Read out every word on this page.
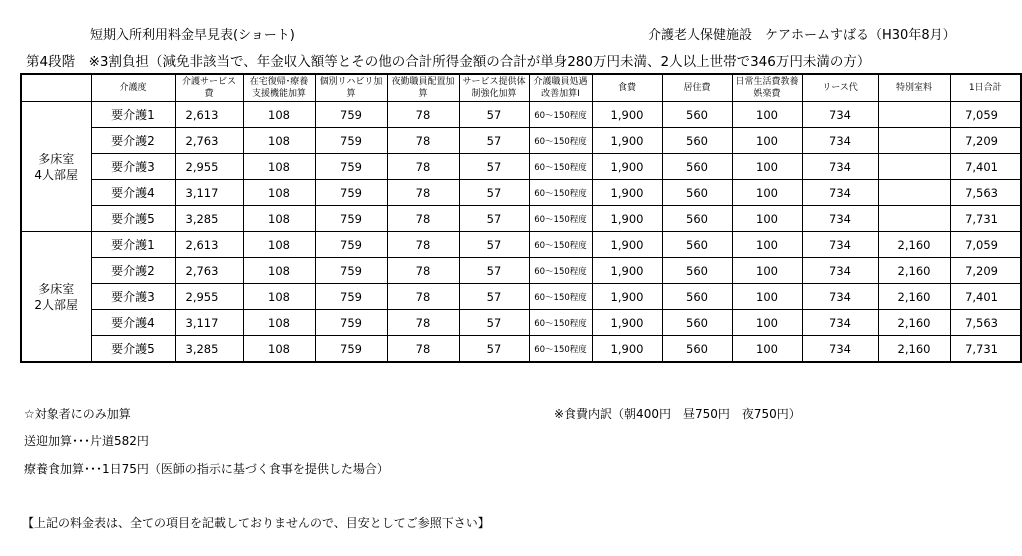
短期入所利用料金早見表(ショート)	介護老人保健施設　ケアホームすばる（H30年8月）
第4段階　※3割負担（減免非該当で、年金収入額等とその他の合計所得金額の合計が単身280万円未満、2人以上世帯で346万円未満の方）
	介護度	介護サービス費	在宅復帰･療養支援機能加算	個別リハビリ加算	夜勤職員配置加算	サービス提供体制強化加算	介護職員処遇改善加算Ⅰ	食費	居住費	日常生活費教養娯楽費	リース代	特別室料	1日合計
多床室
4人部屋	要介護1	2,613	108	759	78	57	60～150程度	1,900	560	100	734		7,059
	要介護2	2,763	108	759	78	57	60～150程度	1,900	560	100	734		7,209
	要介護3	2,955	108	759	78	57	60～150程度	1,900	560	100	734		7,401
	要介護4	3,117	108	759	78	57	60～150程度	1,900	560	100	734		7,563
	要介護5	3,285	108	759	78	57	60～150程度	1,900	560	100	734		7,731
多床室
2人部屋	要介護1	2,613	108	759	78	57	60～150程度	1,900	560	100	734	2,160	7,059
	要介護2	2,763	108	759	78	57	60～150程度	1,900	560	100	734	2,160	7,209
	要介護3	2,955	108	759	78	57	60～150程度	1,900	560	100	734	2,160	7,401
	要介護4	3,117	108	759	78	57	60～150程度	1,900	560	100	734	2,160	7,563
	要介護5	3,285	108	759	78	57	60～150程度	1,900	560	100	734	2,160	7,731
☆対象者にのみ加算	※食費内訳（朝400円　昼750円　夜750円）
送迎加算･･･片道582円
療養食加算･･･1日75円（医師の指示に基づく食事を提供した場合）
【上記の料金表は、全ての項目を記載しておりませんので、目安としてご参照下さい】
